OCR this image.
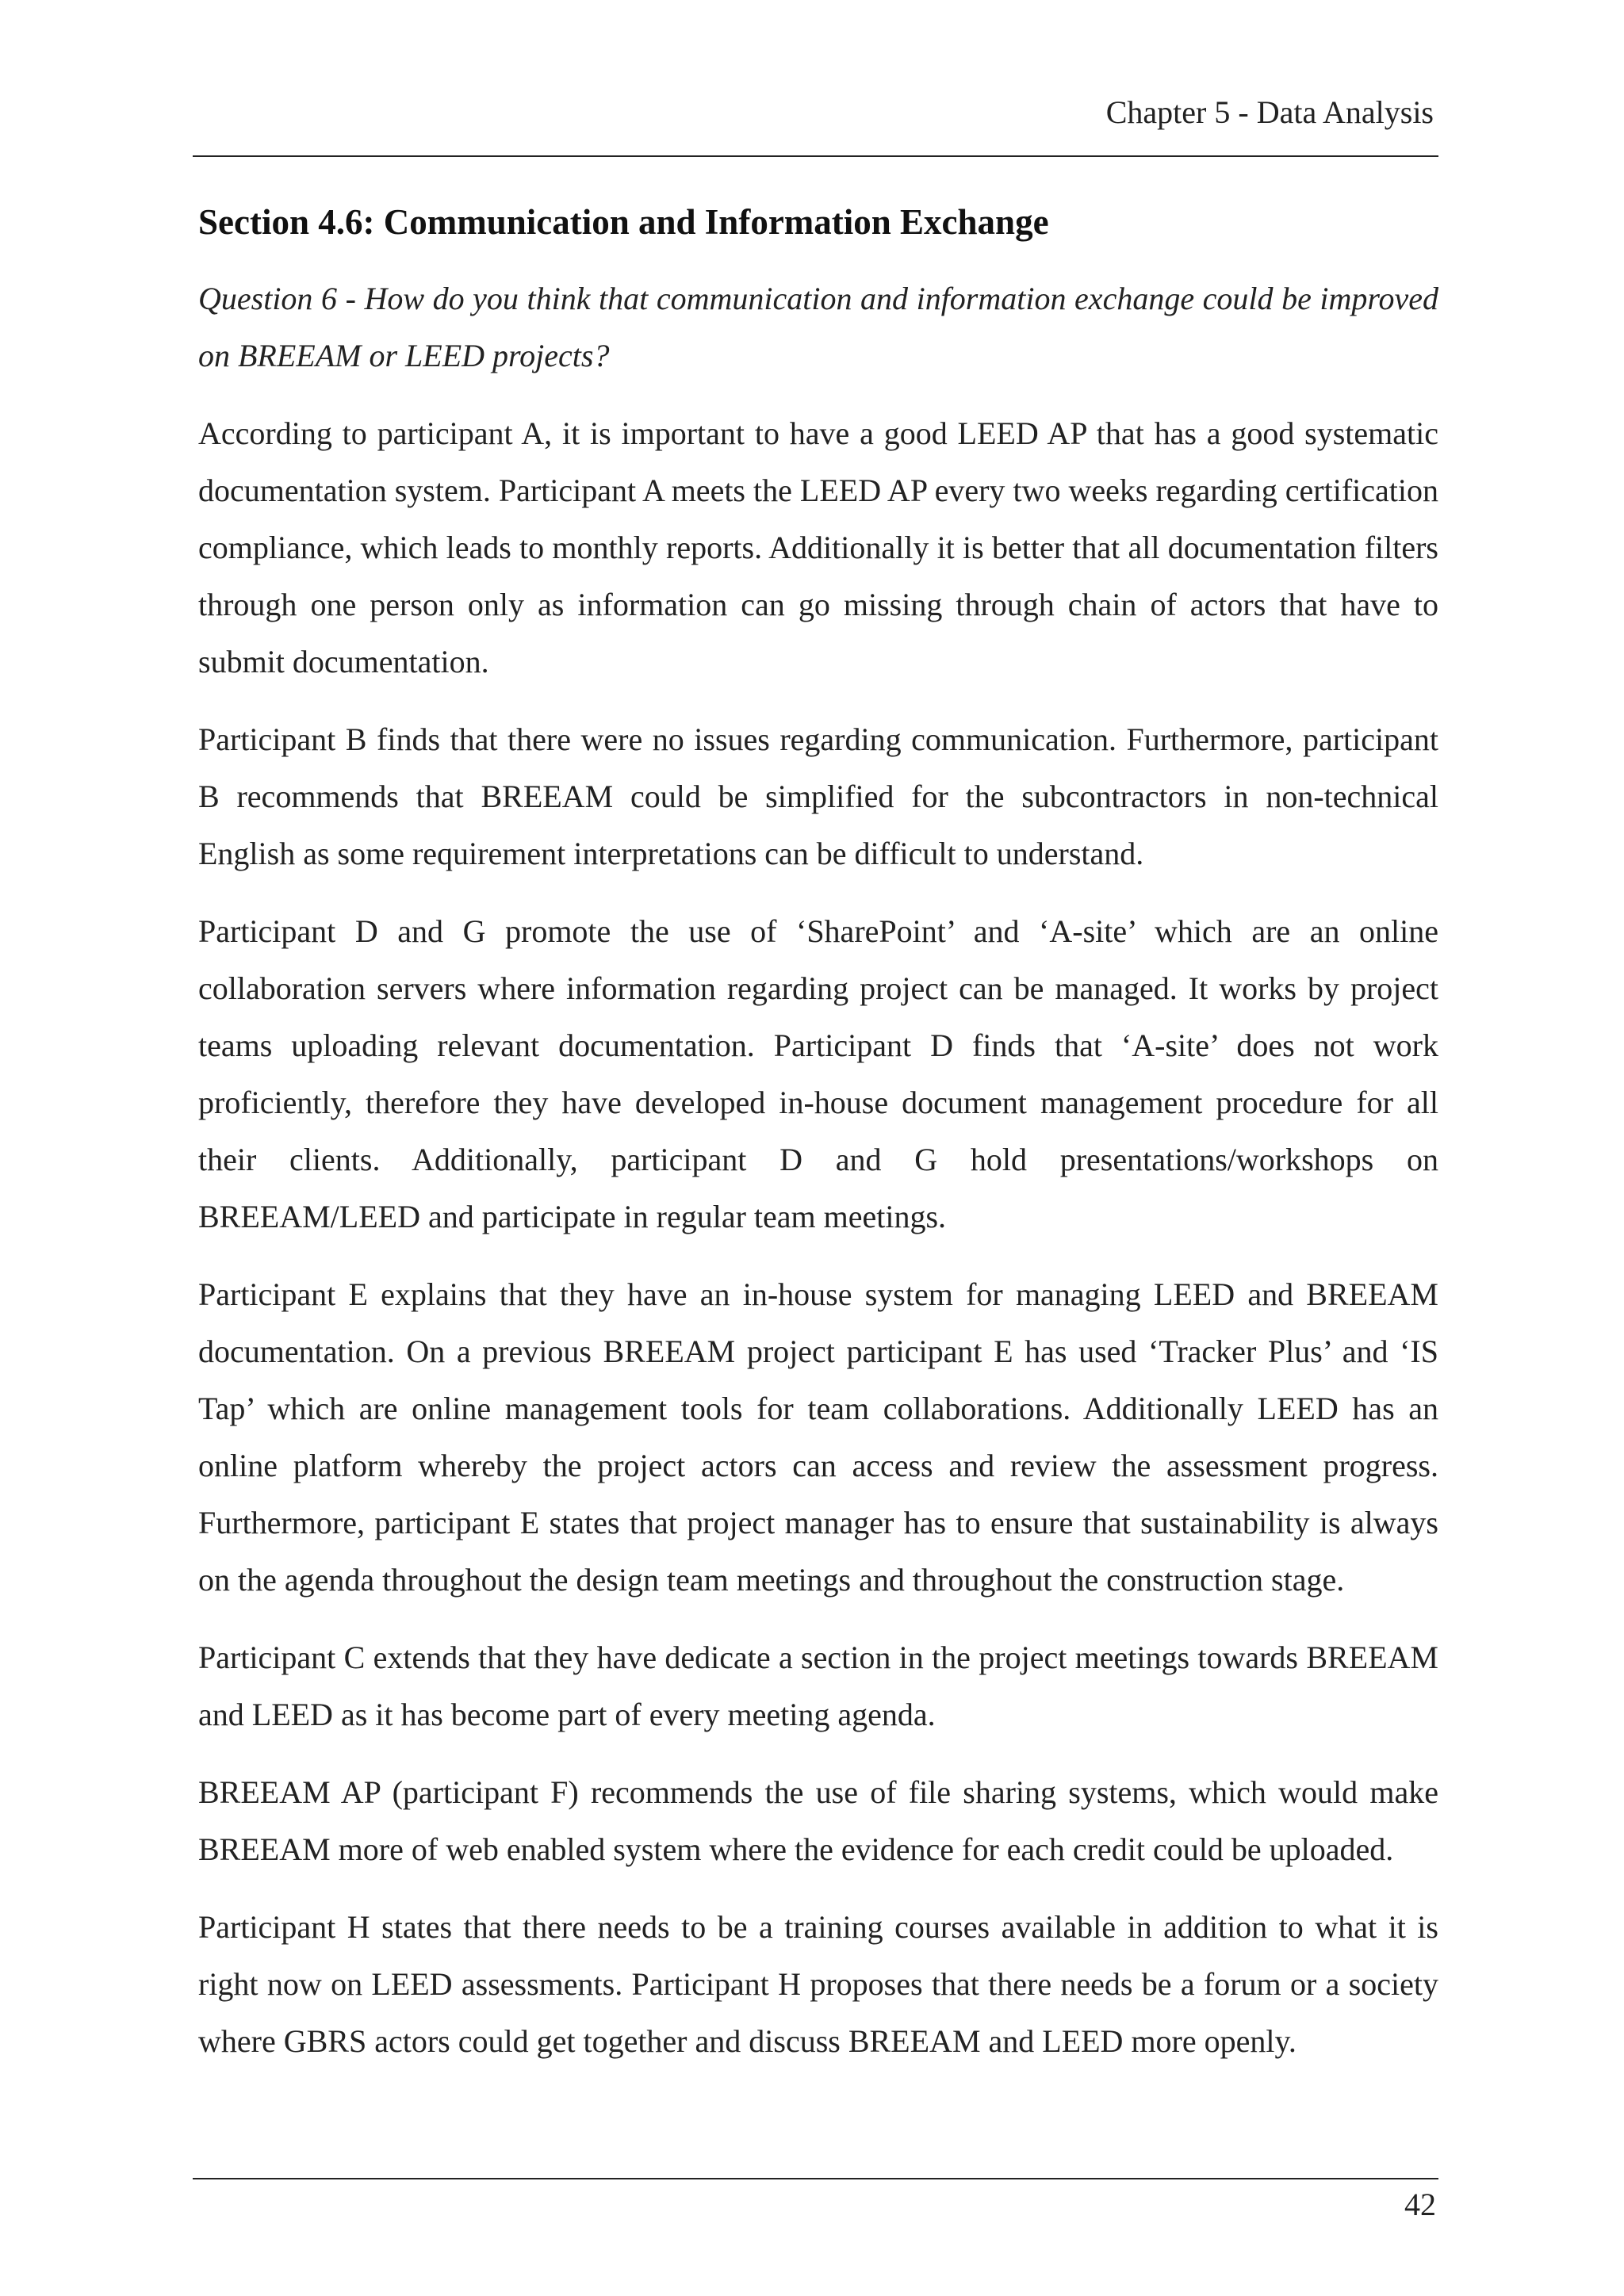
Chapter 5 - Data Analysis
Section 4.6: Communication and Information Exchange

Question 6 - How do you think that communication and information exchange could be improved on BREEAM or LEED projects?

According to participant A, it is important to have a good LEED AP that has a good systematic documentation system. Participant A meets the LEED AP every two weeks regarding certification compliance, which leads to monthly reports. Additionally it is better that all documentation filters through one person only as information can go missing through chain of actors that have to submit documentation.

Participant B finds that there were no issues regarding communication. Furthermore, participant B recommends that BREEAM could be simplified for the subcontractors in non-technical English as some requirement interpretations can be difficult to understand.

Participant D and G promote the use of ‘SharePoint’ and ‘A-site’ which are an online collaboration servers where information regarding project can be managed. It works by project teams uploading relevant documentation. Participant D finds that ‘A-site’ does not work proficiently, therefore they have developed in-house document management procedure for all their clients. Additionally, participant D and G hold presentations/workshops on BREEAM/LEED and participate in regular team meetings.

Participant E explains that they have an in-house system for managing LEED and BREEAM documentation. On a previous BREEAM project participant E has used ‘Tracker Plus’ and ‘IS Tap’ which are online management tools for team collaborations. Additionally LEED has an online platform whereby the project actors can access and review the assessment progress. Furthermore, participant E states that project manager has to ensure that sustainability is always on the agenda throughout the design team meetings and throughout the construction stage.

Participant C extends that they have dedicate a section in the project meetings towards BREEAM and LEED as it has become part of every meeting agenda.

BREEAM AP (participant F) recommends the use of file sharing systems, which would make BREEAM more of web enabled system where the evidence for each credit could be uploaded.

Participant H states that there needs to be a training courses available in addition to what it is right now on LEED assessments. Participant H proposes that there needs be a forum or a society where GBRS actors could get together and discuss BREEAM and LEED more openly.

42
